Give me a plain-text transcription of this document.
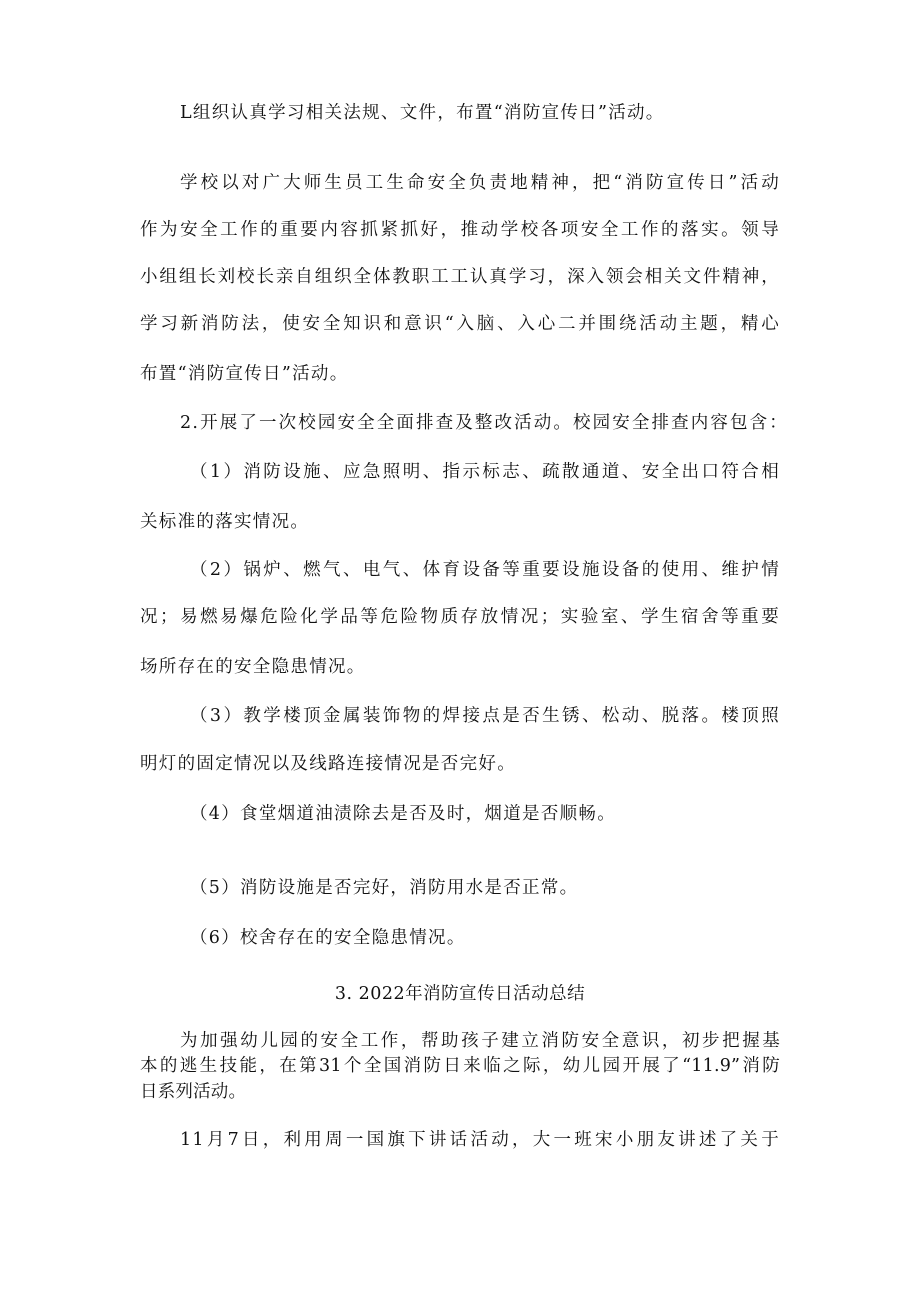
L组织认真学习相关法规、文件，布置“消防宣传日”活动。
学校以对广大师生员工生命安全负责地精神，把“消防宣传日”活动
作为安全工作的重要内容抓紧抓好，推动学校各项安全工作的落实。领导
小组组长刘校长亲自组织全体教职工工认真学习，深入领会相关文件精神，
学习新消防法，使安全知识和意识“入脑、入心二并围绕活动主题，精心
布置“消防宣传日”活动。
2.开展了一次校园安全全面排查及整改活动。校园安全排查内容包含：
（1）消防设施、应急照明、指示标志、疏散通道、安全出口符合相
关标准的落实情况。
（2）锅炉、燃气、电气、体育设备等重要设施设备的使用、维护情
况；易燃易爆危险化学品等危险物质存放情况；实验室、学生宿舍等重要
场所存在的安全隐患情况。
（3）教学楼顶金属装饰物的焊接点是否生锈、松动、脱落。楼顶照
明灯的固定情况以及线路连接情况是否完好。
（4）食堂烟道油渍除去是否及时，烟道是否顺畅。
（5）消防设施是否完好，消防用水是否正常。
（6）校舍存在的安全隐患情况。
3. 2022年消防宣传日活动总结
为加强幼儿园的安全工作，帮助孩子建立消防安全意识，初步把握基
本的逃生技能，在第31个全国消防日来临之际，幼儿园开展了“11.9”消防
日系列活动。
11月7日，利用周一国旗下讲话活动，大一班宋小朋友讲述了关于
